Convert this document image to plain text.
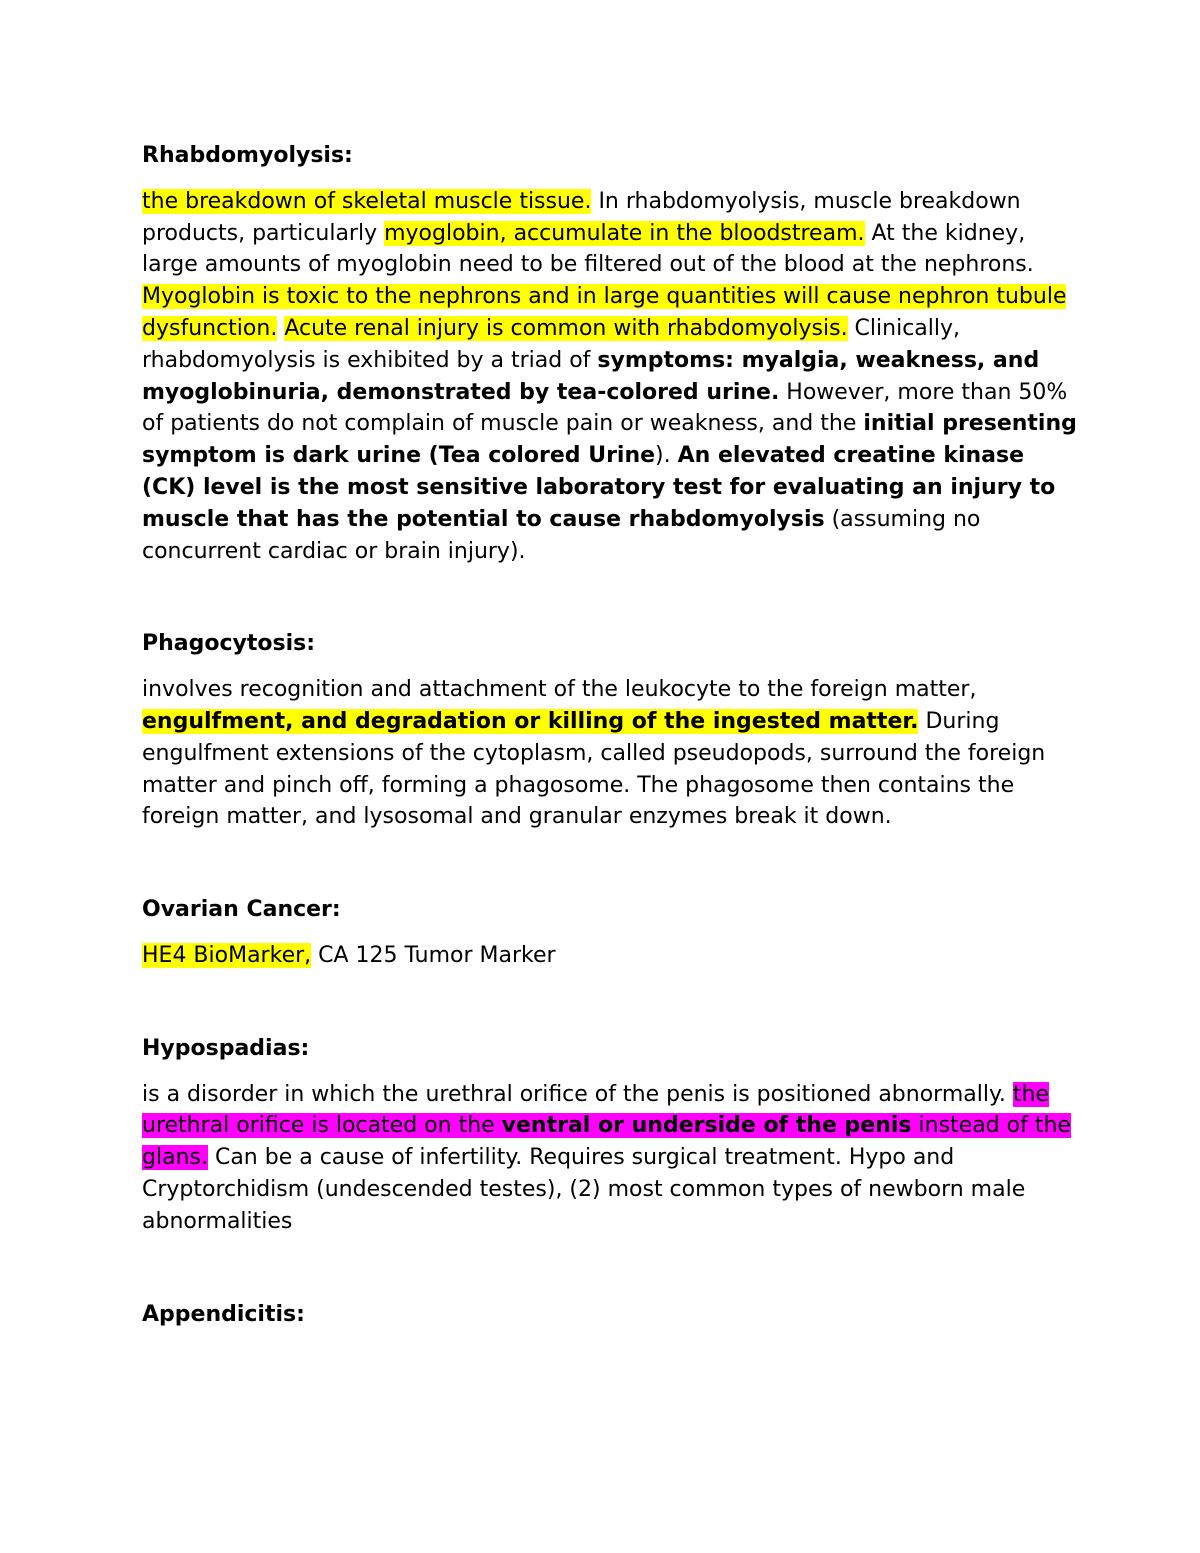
Rhabdomyolysis:

the breakdown of skeletal muscle tissue. In rhabdomyolysis, muscle breakdown products, particularly myoglobin, accumulate in the bloodstream. At the kidney, large amounts of myoglobin need to be filtered out of the blood at the nephrons. Myoglobin is toxic to the nephrons and in large quantities will cause nephron tubule dysfunction. Acute renal injury is common with rhabdomyolysis. Clinically, rhabdomyolysis is exhibited by a triad of symptoms: myalgia, weakness, and myoglobinuria, demonstrated by tea-colored urine. However, more than 50% of patients do not complain of muscle pain or weakness, and the initial presenting symptom is dark urine (Tea colored Urine). An elevated creatine kinase (CK) level is the most sensitive laboratory test for evaluating an injury to muscle that has the potential to cause rhabdomyolysis (assuming no concurrent cardiac or brain injury).

Phagocytosis:

involves recognition and attachment of the leukocyte to the foreign matter, engulfment, and degradation or killing of the ingested matter. During engulfment extensions of the cytoplasm, called pseudopods, surround the foreign matter and pinch off, forming a phagosome. The phagosome then contains the foreign matter, and lysosomal and granular enzymes break it down.

Ovarian Cancer:

HE4 BioMarker, CA 125 Tumor Marker

Hypospadias:

is a disorder in which the urethral orifice of the penis is positioned abnormally. the urethral orifice is located on the ventral or underside of the penis instead of the glans. Can be a cause of infertility. Requires surgical treatment. Hypo and Cryptorchidism (undescended testes), (2) most common types of newborn male abnormalities

Appendicitis:
